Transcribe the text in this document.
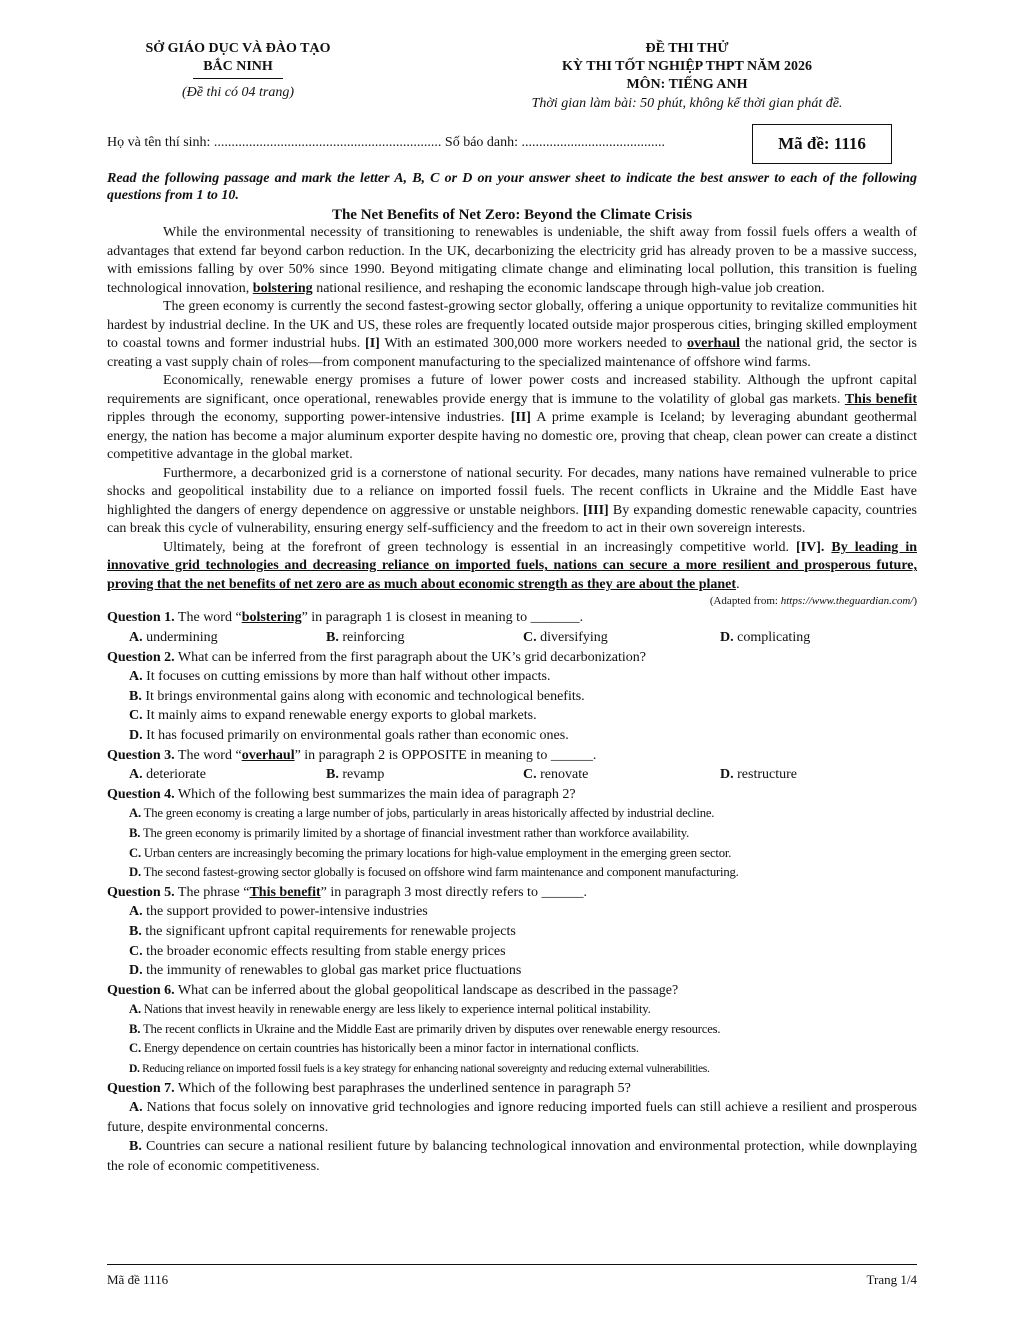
SỞ GIÁO DỤC VÀ ĐÀO TẠO
BẮC NINH
(Đề thi có 04 trang)
ĐỀ THI THỬ
KỲ THI TỐT NGHIỆP THPT NĂM 2026
MÔN: TIẾNG ANH
Thời gian làm bài: 50 phút, không kể thời gian phát đề.
Họ và tên thí sinh: ................................................................. Số báo danh: .........................................	Mã đề: 1116
Read the following passage and mark the letter A, B, C or D on your answer sheet to indicate the best answer to each of the following questions from 1 to 10.
The Net Benefits of Net Zero: Beyond the Climate Crisis

While the environmental necessity of transitioning to renewables is undeniable, the shift away from fossil fuels offers a wealth of advantages that extend far beyond carbon reduction. In the UK, decarbonizing the electricity grid has already proven to be a massive success, with emissions falling by over 50% since 1990. Beyond mitigating climate change and eliminating local pollution, this transition is fueling technological innovation, bolstering national resilience, and reshaping the economic landscape through high-value job creation.

The green economy is currently the second fastest-growing sector globally, offering a unique opportunity to revitalize communities hit hardest by industrial decline. In the UK and US, these roles are frequently located outside major prosperous cities, bringing skilled employment to coastal towns and former industrial hubs. [I] With an estimated 300,000 more workers needed to overhaul the national grid, the sector is creating a vast supply chain of roles—from component manufacturing to the specialized maintenance of offshore wind farms.

Economically, renewable energy promises a future of lower power costs and increased stability. Although the upfront capital requirements are significant, once operational, renewables provide energy that is immune to the volatility of global gas markets. This benefit ripples through the economy, supporting power-intensive industries. [II] A prime example is Iceland; by leveraging abundant geothermal energy, the nation has become a major aluminum exporter despite having no domestic ore, proving that cheap, clean power can create a distinct competitive advantage in the global market.

Furthermore, a decarbonized grid is a cornerstone of national security. For decades, many nations have remained vulnerable to price shocks and geopolitical instability due to a reliance on imported fossil fuels. The recent conflicts in Ukraine and the Middle East have highlighted the dangers of energy dependence on aggressive or unstable neighbors. [III] By expanding domestic renewable capacity, countries can break this cycle of vulnerability, ensuring energy self-sufficiency and the freedom to act in their own sovereign interests.

Ultimately, being at the forefront of green technology is essential in an increasingly competitive world. [IV]. By leading in innovative grid technologies and decreasing reliance on imported fuels, nations can secure a more resilient and prosperous future, proving that the net benefits of net zero are as much about economic strength as they are about the planet.

(Adapted from: https://www.theguardian.com/)

Question 1. The word “bolstering” in paragraph 1 is closest in meaning to _______.

A. undermining	B. reinforcing	C. diversifying	D. complicating

Question 2. What can be inferred from the first paragraph about the UK’s grid decarbonization?

A. It focuses on cutting emissions by more than half without other impacts.

B. It brings environmental gains along with economic and technological benefits.

C. It mainly aims to expand renewable energy exports to global markets.

D. It has focused primarily on environmental goals rather than economic ones.

Question 3. The word “overhaul” in paragraph 2 is OPPOSITE in meaning to ______.

A. deteriorate	B. revamp	C. renovate	D. restructure

Question 4. Which of the following best summarizes the main idea of paragraph 2?

A. The green economy is creating a large number of jobs, particularly in areas historically affected by industrial decline.

B. The green economy is primarily limited by a shortage of financial investment rather than workforce availability.

C. Urban centers are increasingly becoming the primary locations for high-value employment in the emerging green sector.

D. The second fastest-growing sector globally is focused on offshore wind farm maintenance and component manufacturing.

Question 5. The phrase “This benefit” in paragraph 3 most directly refers to ______.

A. the support provided to power-intensive industries

B. the significant upfront capital requirements for renewable projects

C. the broader economic effects resulting from stable energy prices

D. the immunity of renewables to global gas market price fluctuations

Question 6. What can be inferred about the global geopolitical landscape as described in the passage?

A. Nations that invest heavily in renewable energy are less likely to experience internal political instability.

B. The recent conflicts in Ukraine and the Middle East are primarily driven by disputes over renewable energy resources.

C. Energy dependence on certain countries has historically been a minor factor in international conflicts.

D. Reducing reliance on imported fossil fuels is a key strategy for enhancing national sovereignty and reducing external vulnerabilities.

Question 7. Which of the following best paraphrases the underlined sentence in paragraph 5?

A. Nations that focus solely on innovative grid technologies and ignore reducing imported fuels can still achieve a resilient and prosperous future, despite environmental concerns.

B. Countries can secure a national resilient future by balancing technological innovation and environmental protection, while downplaying the role of economic competitiveness.

Mã đề 1116	Trang 1/4
